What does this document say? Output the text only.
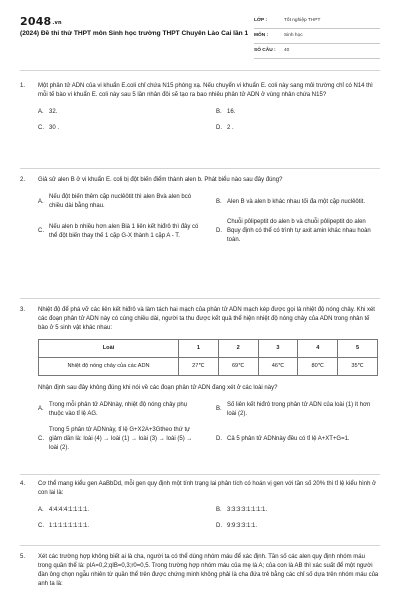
2048.vn
(2024) Đề thi thử THPT môn Sinh học trường THPT Chuyên Lào Cai lần 1
LỚP :	Tốt nghiệp THPT
MÔN :	Sinh học
SỐ CÂU :	40
1. Một phân tử ADN của vi khuẩn E.coli chỉ chứa N15 phóng xạ. Nếu chuyển vi khuẩn E. coli này sang môi trường chỉ có N14 thì mỗi tế bào vi khuẩn E. coli này sau 5 lần nhân đôi sẽ tạo ra bao nhiêu phân tử ADN ở vùng nhân chứa N15?
A. 32.	B. 16.
C. 30 .	D. 2 .
2. Giả sử alen B ở vi khuẩn E. coli bị đột biến điểm thành alen b. Phát biểu nào sau đây đúng?
A.
Nếu đột biến thêm cặp nuclêôtit thì alen Bvà alen bcó chiều dài bằng nhau.
B. Alen B và alen b khác nhau tối đa một cặp nuclêôtit.
C.
Nếu alen b nhiều hơn alen Bià 1 liên kết hiđrô thì đây có thể đột biến thay thế 1 cặp G-X thành 1 cặp A - T.
D.
Chuỗi pôlipeptit do alen b và chuỗi pôlipeptit do alen Bquy định có thể có trình tự axit amin khác nhau hoàn toàn.
3. Nhiệt độ để phá vỡ các liên kết hiđrô và làm tách hai mạch của phân tử ADN mạch kép được gọi là nhiệt độ nóng chảy. Khi xét các đoạn phân tử ADN này có cùng chiều dài, người ta thu được kết quả thể hiện nhiệt độ nóng chảy của ADN trong nhân tế bào ở 5 sinh vật khác nhau:
Loài	1	2	3	4	5
Nhiệt độ nóng chảy của các ADN	27℃	69℃	46℃	80℃	35℃
Nhận định sau đây không đúng khi nói về các đoạn phân tử ADN đang xét ở các loài này?
A.
Trong mỗi phân tử ADNnày, nhiệt độ nóng chảy phụ thuộc vào tỉ lệ AG.
B.
Số liên kết hiđrô trong phân tử ADN của loài (1) ít hơn loài (2).
C.
Trong 5 phân tử ADNnày, tỉ lệ G+X2A+3Gtheo thứ tự giảm dần là: loài (4) → loài (1) → loài (3) → loài (5) → loài (2).
D. Cả 5 phân tử ADNnày đều có tỉ lệ A+XT+G=1.
4. Cơ thể mang kiểu gen AaBbDd, mỗi gen quy định một tính trạng lai phân tích có hoán vị gen với tần số 20% thì tỉ lệ kiểu hình ở con lai là:
A. 4:4:4:4:1:1:1:1.	B. 3:3:3:3:1:1:1:1.
C. 1:1:1:1:1:1:1:1.	D. 9:9:3:3:1:1.
5. Xét các trường hợp không biết ai là cha, người ta có thể dùng nhóm máu để xác định. Tần số các alen quy định nhóm máu trong quần thể là: pIA=0,2;qIB=0,3;r0=0,5. Trong trường hợp nhóm máu của mẹ là A; của con là AB thì xác suất để một người đàn ông chọn ngẫu nhiên từ quần thể trên được chứng minh không phải là cha đứa trẻ bằng các chỉ số dựa trên nhóm máu của anh ta là:
